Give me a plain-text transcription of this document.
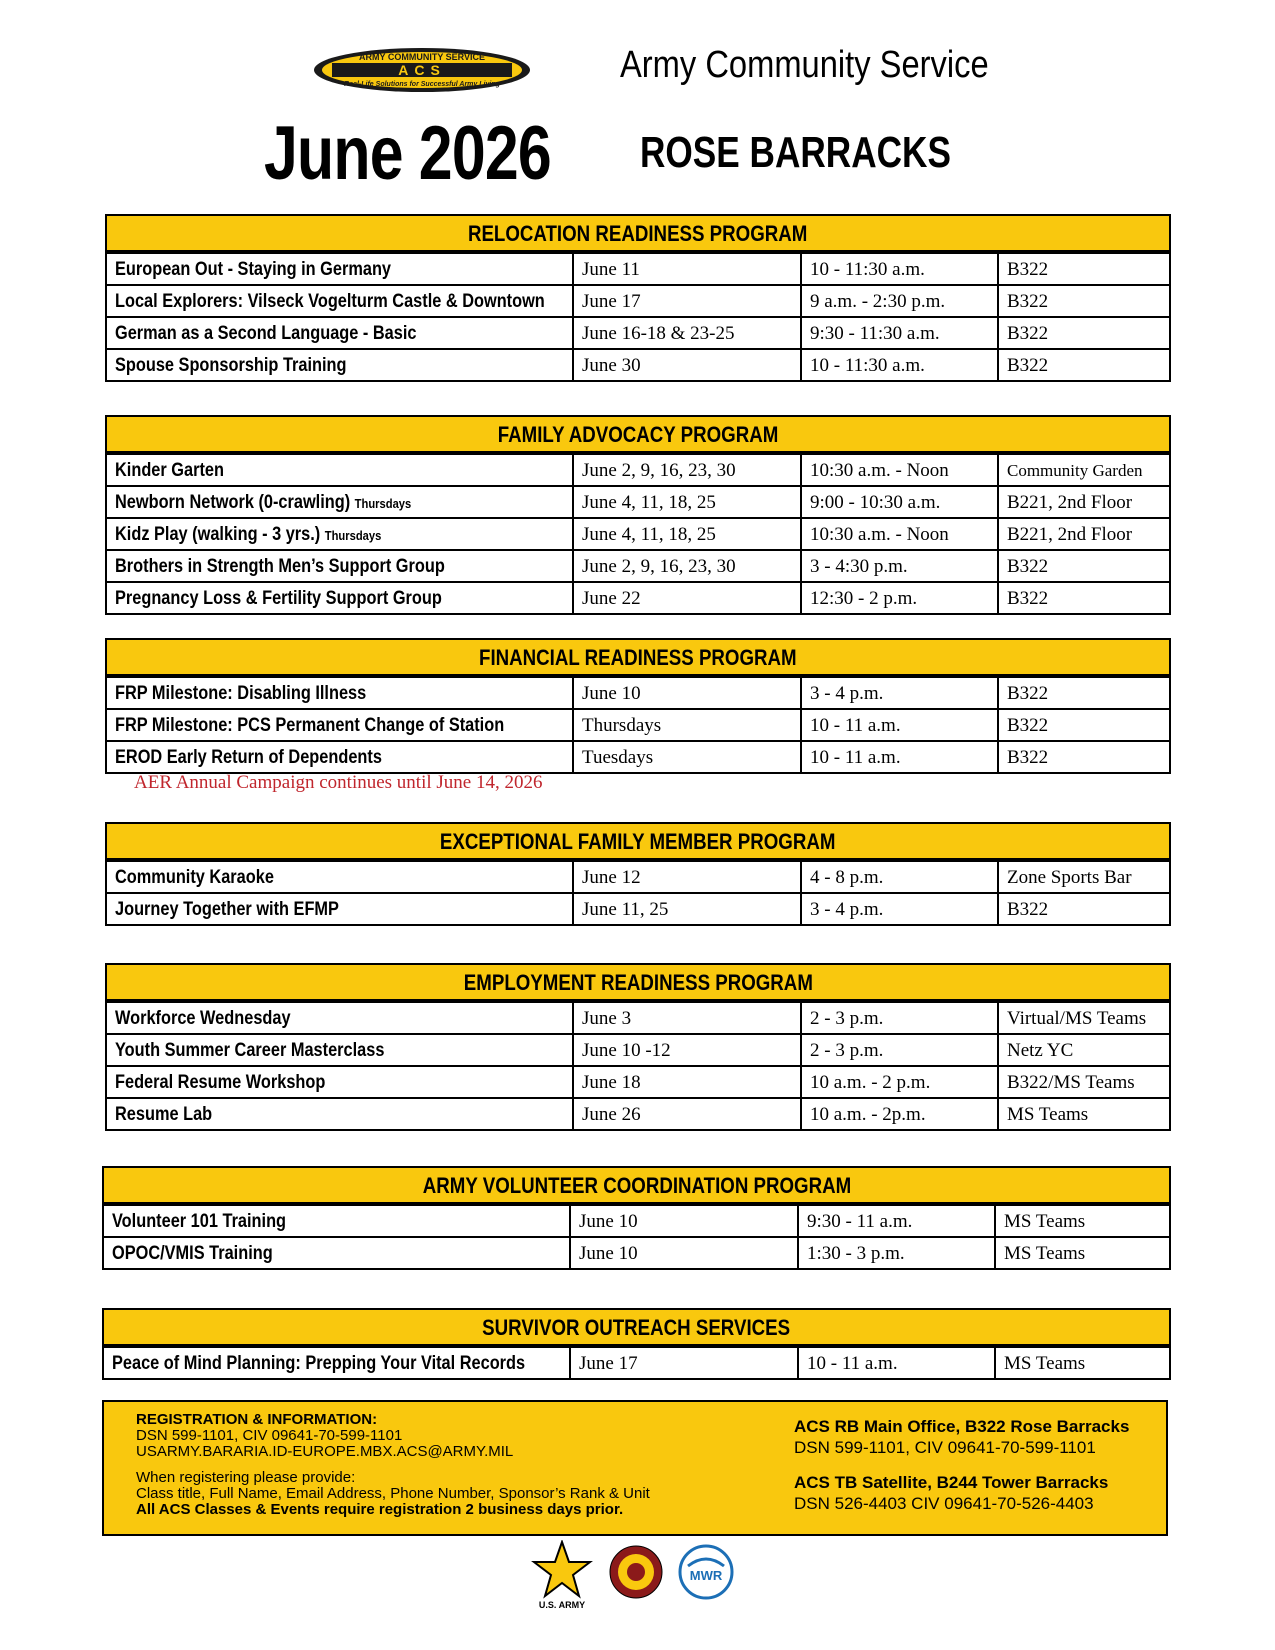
ARMY COMMUNITY SERVICE
ACS
Real-Life Solutions for Successful Army Living	Army Community Service
June 2026 ROSE BARRACKS
RELOCATION READINESS PROGRAM
European Out - Staying in Germany	June 11	10 - 11:30 a.m.	B322
Local Explorers: Vilseck Vogelturm Castle & Downtown	June 17	9 a.m. - 2:30 p.m.	B322
German as a Second Language - Basic	June 16-18 & 23-25	9:30 - 11:30 a.m.	B322
Spouse Sponsorship Training	June 30	10 - 11:30 a.m.	B322
FAMILY ADVOCACY PROGRAM
Kinder Garten	June 2, 9, 16, 23, 30	10:30 a.m. - Noon	Community Garden
Newborn Network (0-crawling) Thursdays	June 4, 11, 18, 25	9:00 - 10:30 a.m.	B221, 2nd Floor
Kidz Play (walking - 3 yrs.) Thursdays	June 4, 11, 18, 25	10:30 a.m. - Noon	B221, 2nd Floor
Brothers in Strength Men’s Support Group	June 2, 9, 16, 23, 30	3 - 4:30 p.m.	B322
Pregnancy Loss & Fertility Support Group	June 22	12:30 - 2 p.m.	B322
FINANCIAL READINESS PROGRAM
FRP Milestone: Disabling Illness	June 10	3 - 4 p.m.	B322
FRP Milestone: PCS Permanent Change of Station	Thursdays	10 - 11 a.m.	B322
EROD Early Return of Dependents	Tuesdays	10 - 11 a.m.	B322
AER Annual Campaign continues until June 14, 2026
EXCEPTIONAL FAMILY MEMBER PROGRAM
Community Karaoke	June 12	4 - 8 p.m.	Zone Sports Bar
Journey Together with EFMP	June 11, 25	3 - 4 p.m.	B322
EMPLOYMENT READINESS PROGRAM
Workforce Wednesday	June 3	2 - 3 p.m.	Virtual/MS Teams
Youth Summer Career Masterclass	June 10 -12	2 - 3 p.m.	Netz YC
Federal Resume Workshop	June 18	10 a.m. - 2 p.m.	B322/MS Teams
Resume Lab	June 26	10 a.m. - 2p.m.	MS Teams
ARMY VOLUNTEER COORDINATION PROGRAM
Volunteer 101 Training	June 10	9:30 - 11 a.m.	MS Teams
OPOC/VMIS Training	June 10	1:30 - 3 p.m.	MS Teams
SURVIVOR OUTREACH SERVICES
Peace of Mind Planning: Prepping Your Vital Records	June 17	10 - 11 a.m.	MS Teams
REGISTRATION & INFORMATION:
DSN 599-1101, CIV 09641-70-599-1101
USARMY.BARARIA.ID-EUROPE.MBX.ACS@ARMY.MIL
When registering please provide:
Class title, Full Name, Email Address, Phone Number, Sponsor’s Rank & Unit
All ACS Classes & Events require registration 2 business days prior.
ACS RB Main Office, B322 Rose Barracks
DSN 599-1101, CIV 09641-70-599-1101
ACS TB Satellite, B244 Tower Barracks
DSN 526-4403 CIV 09641-70-526-4403
U.S. ARMY
MWR
